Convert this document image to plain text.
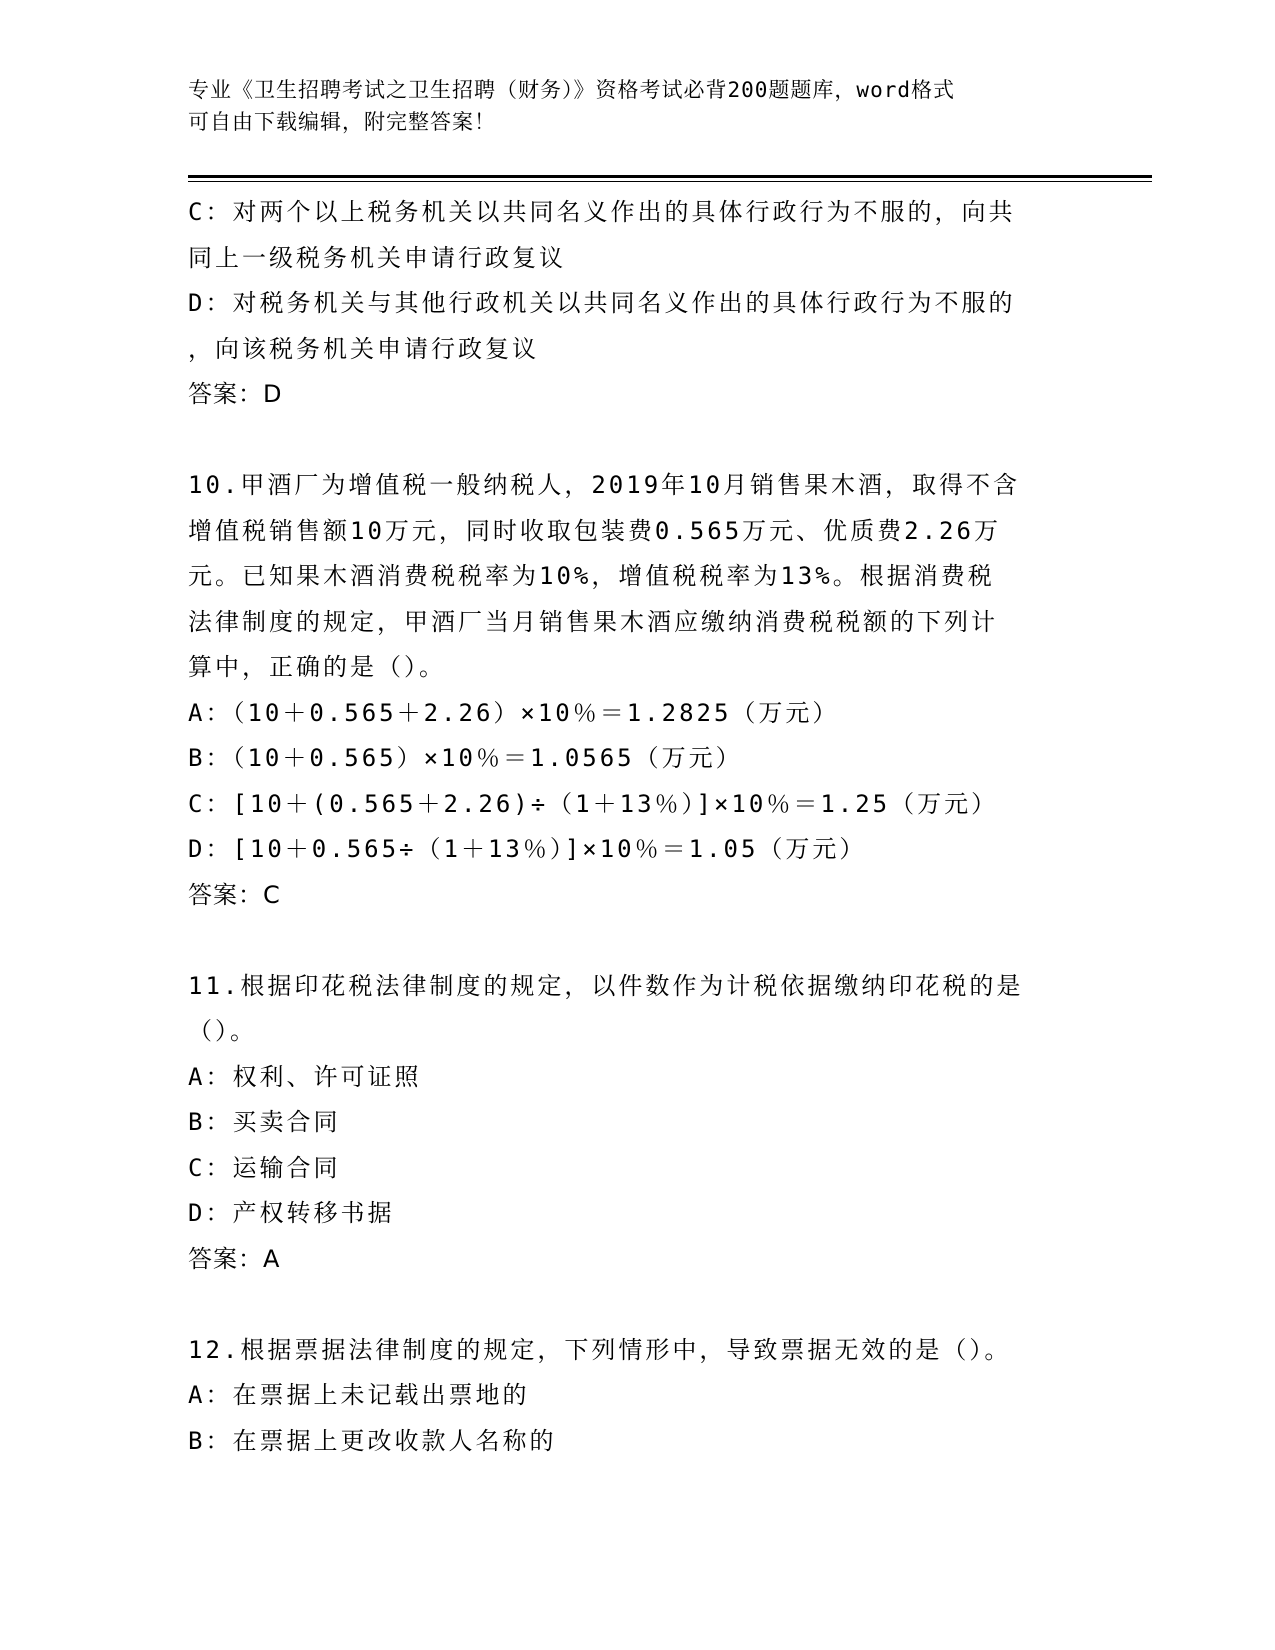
专业《卫生招聘考试之卫生招聘（财务）》资格考试必背200题题库，word格式
可自由下载编辑，附完整答案！
C：对两个以上税务机关以共同名义作出的具体行政行为不服的，向共
同上一级税务机关申请行政复议
D：对税务机关与其他行政机关以共同名义作出的具体行政行为不服的
，向该税务机关申请行政复议
答案：D
10.甲酒厂为增值税一般纳税人，2019年10月销售果木酒，取得不含
增值税销售额10万元，同时收取包装费0.565万元、优质费2.26万
元。已知果木酒消费税税率为10%，增值税税率为13%。根据消费税
法律制度的规定，甲酒厂当月销售果木酒应缴纳消费税税额的下列计
算中，正确的是（）。
A：（10＋0.565＋2.26）×10％＝1.2825（万元）
B：（10＋0.565）×10％＝1.0565（万元）
C：[10＋(0.565＋2.26)÷（1＋13％）]×10％＝1.25（万元）
D：[10＋0.565÷（1＋13％）]×10％＝1.05（万元）
答案：C
11.根据印花税法律制度的规定，以件数作为计税依据缴纳印花税的是
（）。
A：权利、许可证照
B：买卖合同
C：运输合同
D：产权转移书据
答案：A
12.根据票据法律制度的规定，下列情形中，导致票据无效的是（）。
A：在票据上未记载出票地的
B：在票据上更改收款人名称的
